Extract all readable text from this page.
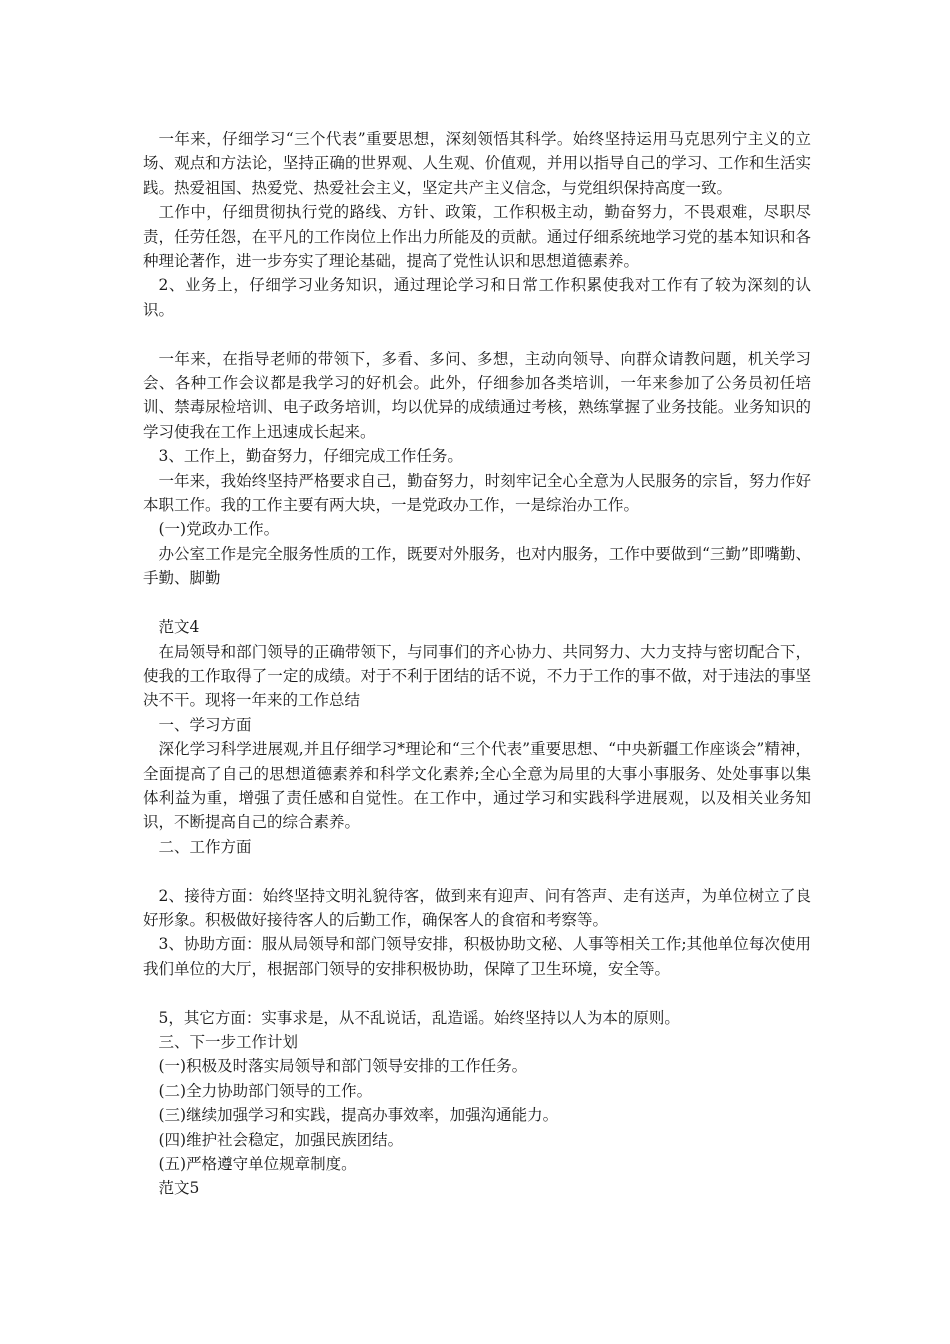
一年来，仔细学习“三个代表”重要思想，深刻领悟其科学。始终坚持运用马克思列宁主义的立场、观点和方法论，坚持正确的世界观、人生观、价值观，并用以指导自己的学习、工作和生活实践。热爱祖国、热爱党、热爱社会主义，坚定共产主义信念，与党组织保持高度一致。

工作中，仔细贯彻执行党的路线、方针、政策，工作积极主动，勤奋努力，不畏艰难，尽职尽责，任劳任怨，在平凡的工作岗位上作出力所能及的贡献。通过仔细系统地学习党的基本知识和各种理论著作，进一步夯实了理论基础，提高了党性认识和思想道德素养。

2、业务上，仔细学习业务知识，通过理论学习和日常工作积累使我对工作有了较为深刻的认识。

一年来，在指导老师的带领下，多看、多问、多想，主动向领导、向群众请教问题，机关学习会、各种工作会议都是我学习的好机会。此外，仔细参加各类培训，一年来参加了公务员初任培训、禁毒尿检培训、电子政务培训，均以优异的成绩通过考核，熟练掌握了业务技能。业务知识的学习使我在工作上迅速成长起来。

3、工作上，勤奋努力，仔细完成工作任务。

一年来，我始终坚持严格要求自己，勤奋努力，时刻牢记全心全意为人民服务的宗旨，努力作好本职工作。我的工作主要有两大块，一是党政办工作，一是综治办工作。

(一)党政办工作。

办公室工作是完全服务性质的工作，既要对外服务，也对内服务，工作中要做到“三勤”即嘴勤、手勤、脚勤

范文4

在局领导和部门领导的正确带领下，与同事们的齐心协力、共同努力、大力支持与密切配合下，使我的工作取得了一定的成绩。对于不利于团结的话不说，不力于工作的事不做，对于违法的事坚决不干。现将一年来的工作总结

一、学习方面

深化学习科学进展观,并且仔细学习*理论和“三个代表”重要思想、“中央新疆工作座谈会”精神，全面提高了自己的思想道德素养和科学文化素养;全心全意为局里的大事小事服务、处处事事以集体利益为重，增强了责任感和自觉性。在工作中，通过学习和实践科学进展观，以及相关业务知识，不断提高自己的综合素养。

二、工作方面

2、接待方面：始终坚持文明礼貌待客，做到来有迎声、问有答声、走有送声，为单位树立了良好形象。积极做好接待客人的后勤工作，确保客人的食宿和考察等。

3、协助方面：服从局领导和部门领导安排，积极协助文秘、人事等相关工作;其他单位每次使用我们单位的大厅，根据部门领导的安排积极协助，保障了卫生环境，安全等。

5，其它方面：实事求是，从不乱说话，乱造谣。始终坚持以人为本的原则。

三、下一步工作计划

(一)积极及时落实局领导和部门领导安排的工作任务。

(二)全力协助部门领导的工作。

(三)继续加强学习和实践，提高办事效率，加强沟通能力。

(四)维护社会稳定，加强民族团结。

(五)严格遵守单位规章制度。

范文5
